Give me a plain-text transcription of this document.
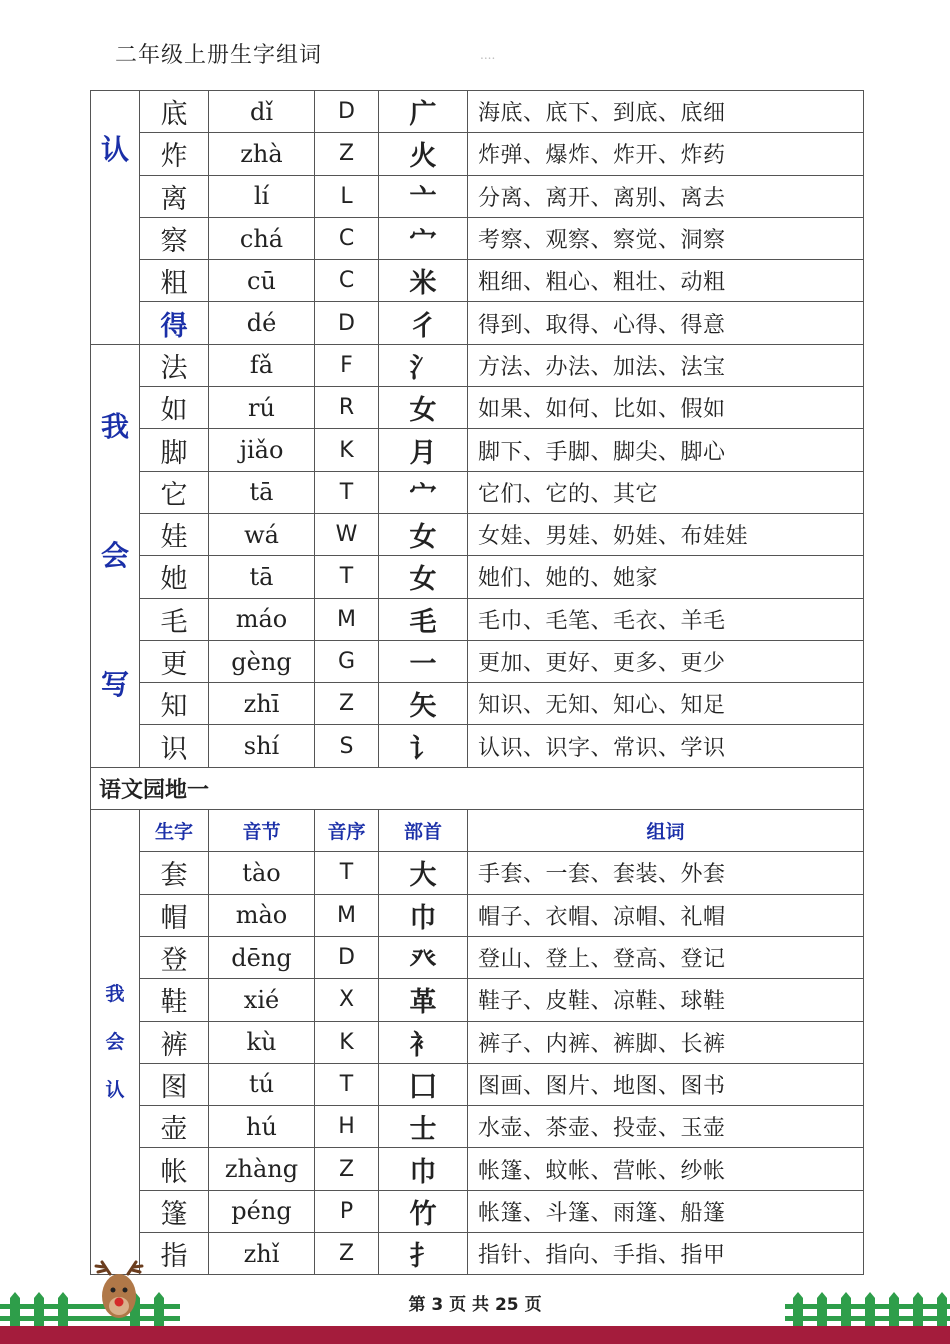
二年级上册生字组词	....
认	底	dǐ	D	广	海底、底下、到底、底细
	炸	zhà	Z	火	炸弹、爆炸、炸开、炸药
	离	lí	L	亠	分离、离开、离别、离去
	察	chá	C	宀	考察、观察、察觉、洞察
	粗	cū	C	米	粗细、粗心、粗壮、动粗
	得	dé	D	彳	得到、取得、心得、得意

我
会
写	法	fǎ	F	氵	方法、办法、加法、法宝
	如	rú	R	女	如果、如何、比如、假如
	脚	jiǎo	K	月	脚下、手脚、脚尖、脚心
	它	tā	T	宀	它们、它的、其它
	娃	wá	W	女	女娃、男娃、奶娃、布娃娃
	她	tā	T	女	她们、她的、她家
	毛	máo	M	毛	毛巾、毛笔、毛衣、羊毛
	更	gèng	G	一	更加、更好、更多、更少
	知	zhī	Z	矢	知识、无知、知心、知足
	识	shí	S	讠	认识、识字、常识、学识
语文园地一					

我
会
认	生字	音节	音序	部首	组词
	套	tào	T	大	手套、一套、套装、外套
	帽	mào	M	巾	帽子、衣帽、凉帽、礼帽
	登	dēng	D	癶	登山、登上、登高、登记
	鞋	xié	X	革	鞋子、皮鞋、凉鞋、球鞋
	裤	kù	K	衤	裤子、内裤、裤脚、长裤
	图	tú	T	囗	图画、图片、地图、图书
	壶	hú	H	士	水壶、茶壶、投壶、玉壶
	帐	zhàng	Z	巾	帐篷、蚊帐、营帐、纱帐
	篷	péng	P	竹	帐篷、斗篷、雨篷、船篷
	指	zhǐ	Z	扌	指针、指向、手指、指甲
第 3 页 共 25 页
